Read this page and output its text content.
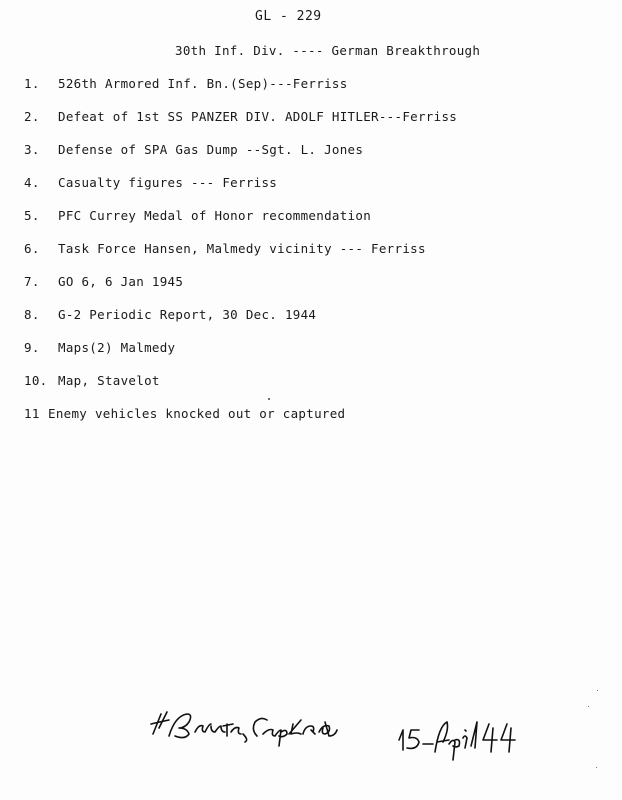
GL - 229
30th Inf. Div. ---- German Breakthrough
1.	526th Armored Inf. Bn.(Sep)---Ferriss
2.	Defeat of 1st SS PANZER DIV. ADOLF HITLER---Ferriss
3.	Defense of SPA Gas Dump --Sgt. L. Jones
4.	Casualty figures --- Ferriss
5.	PFC Currey Medal of Honor recommendation
6.	Task Force Hansen, Malmedy vicinity --- Ferriss
7.	GO 6, 6 Jan 1945
8.	G-2 Periodic Report, 30 Dec. 1944
9.	Maps(2) Malmedy
10. Map, Stavelot
11 Enemy vehicles knocked out or captured
